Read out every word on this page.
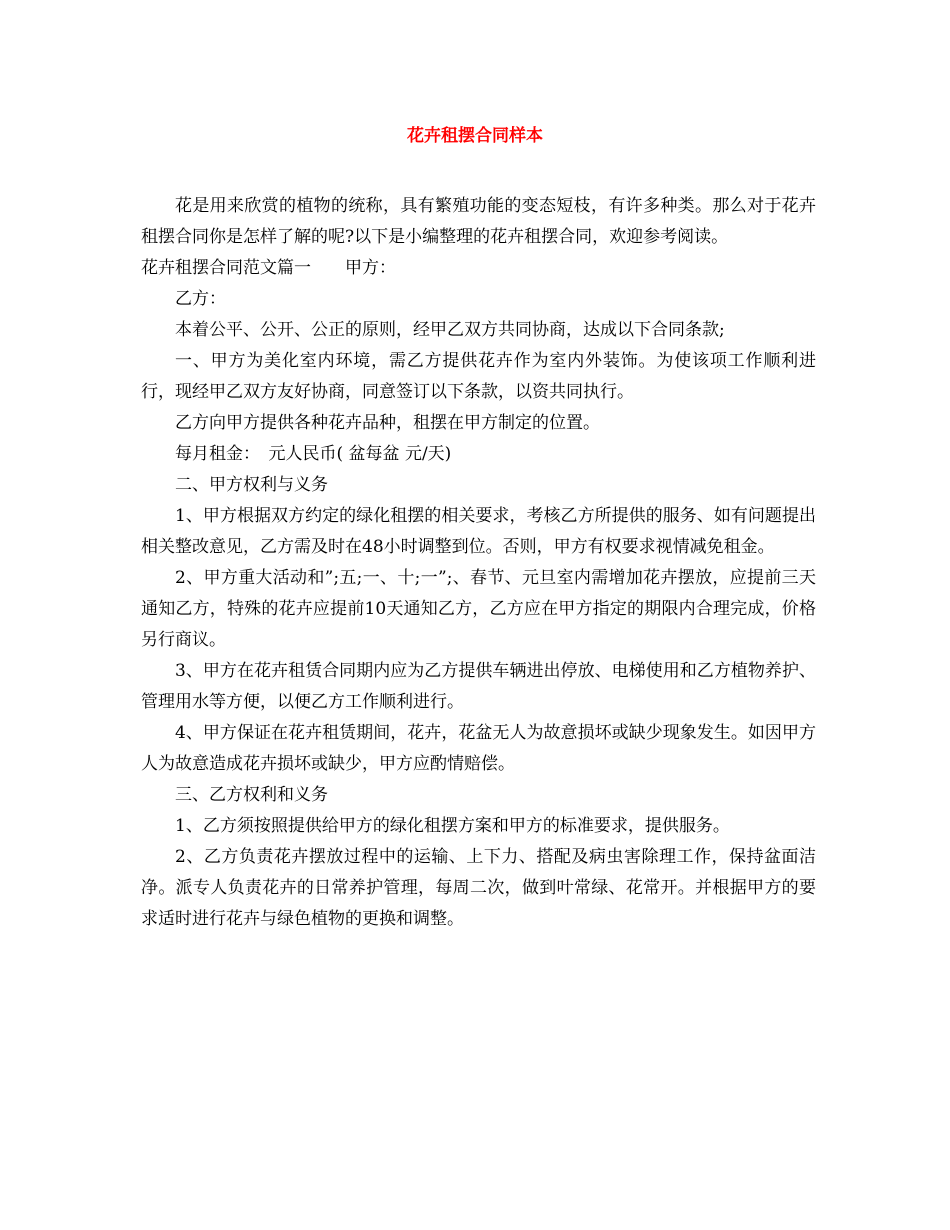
花卉租摆合同样本

花是用来欣赏的植物的统称，具有繁殖功能的变态短枝，有许多种类。那么对于花卉租摆合同你是怎样了解的呢?以下是小编整理的花卉租摆合同，欢迎参考阅读。

花卉租摆合同范文篇一　　甲方：

乙方：

本着公平、公开、公正的原则，经甲乙双方共同协商，达成以下合同条款;

一、甲方为美化室内环境，需乙方提供花卉作为室内外装饰。为使该项工作顺利进行，现经甲乙双方友好协商，同意签订以下条款，以资共同执行。

乙方向甲方提供各种花卉品种，租摆在甲方制定的位置。

每月租金：　元人民币( 盆每盆 元/天)

二、甲方权利与义务

1、甲方根据双方约定的绿化租摆的相关要求，考核乙方所提供的服务、如有问题提出相关整改意见，乙方需及时在48小时调整到位。否则，甲方有权要求视情减免租金。

2、甲方重大活动和”;五;一、十;一”;、春节、元旦室内需增加花卉摆放，应提前三天通知乙方，特殊的花卉应提前10天通知乙方，乙方应在甲方指定的期限内合理完成，价格另行商议。

3、甲方在花卉租赁合同期内应为乙方提供车辆进出停放、电梯使用和乙方植物养护、管理用水等方便，以便乙方工作顺利进行。

4、甲方保证在花卉租赁期间，花卉，花盆无人为故意损坏或缺少现象发生。如因甲方人为故意造成花卉损坏或缺少，甲方应酌情赔偿。

三、乙方权利和义务

1、乙方须按照提供给甲方的绿化租摆方案和甲方的标准要求，提供服务。

2、乙方负责花卉摆放过程中的运输、上下力、搭配及病虫害除理工作，保持盆面洁净。派专人负责花卉的日常养护管理，每周二次，做到叶常绿、花常开。并根据甲方的要求适时进行花卉与绿色植物的更换和调整。
